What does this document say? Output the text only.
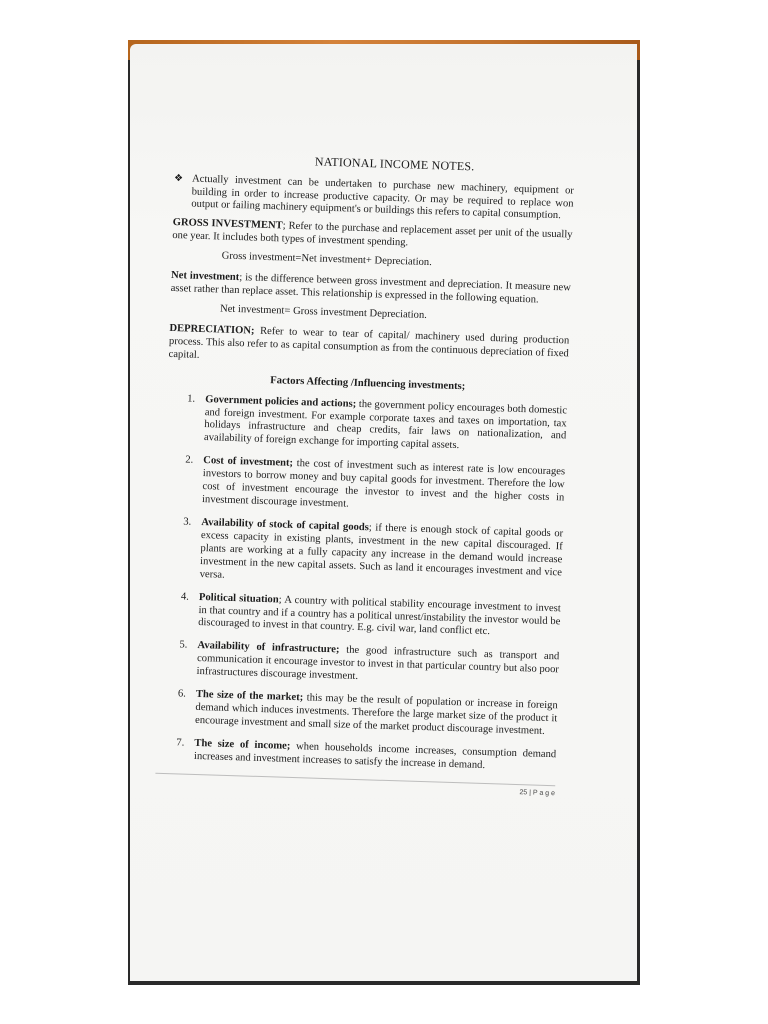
NATIONAL INCOME NOTES.

❖ Actually investment can be undertaken to purchase new machinery, equipment or building in order to increase productive capacity. Or may be required to replace won output or failing machinery equipment's or buildings this refers to capital consumption.

GROSS INVESTMENT; Refer to the purchase and replacement asset per unit of the usually one year. It includes both types of investment spending.

Gross investment=Net investment+ Depreciation.

Net investment; is the difference between gross investment and depreciation. It measure new asset rather than replace asset. This relationship is expressed in the following equation.

Net investment= Gross investment Depreciation.

DEPRECIATION; Refer to wear to tear of capital/ machinery used during production process. This also refer to as capital consumption as from the continuous depreciation of fixed capital.

Factors Affecting /Influencing investments;
1. Government policies and actions; the government policy encourages both domestic and foreign investment. For example corporate taxes and taxes on importation, tax holidays infrastructure and cheap credits, fair laws on nationalization, and availability of foreign exchange for importing capital assets.
2. Cost of investment; the cost of investment such as interest rate is low encourages investors to borrow money and buy capital goods for investment. Therefore the low cost of investment encourage the investor to invest and the higher costs in investment discourage investment.
3. Availability of stock of capital goods; if there is enough stock of capital goods or excess capacity in existing plants, investment in the new capital discouraged. If plants are working at a fully capacity any increase in the demand would increase investment in the new capital assets. Such as land it encourages investment and vice versa.
4. Political situation; A country with political stability encourage investment to invest in that country and if a country has a political unrest/instability the investor would be discouraged to invest in that country. E.g. civil war, land conflict etc.
5. Availability of infrastructure; the good infrastructure such as transport and communication it encourage investor to invest in that particular country but also poor infrastructures discourage investment.
6. The size of the market; this may be the result of population or increase in foreign demand which induces investments. Therefore the large market size of the product it encourage investment and small size of the market product discourage investment.
7. The size of income; when households income increases, consumption demand increases and investment increases to satisfy the increase in demand.
25 | P a g e
